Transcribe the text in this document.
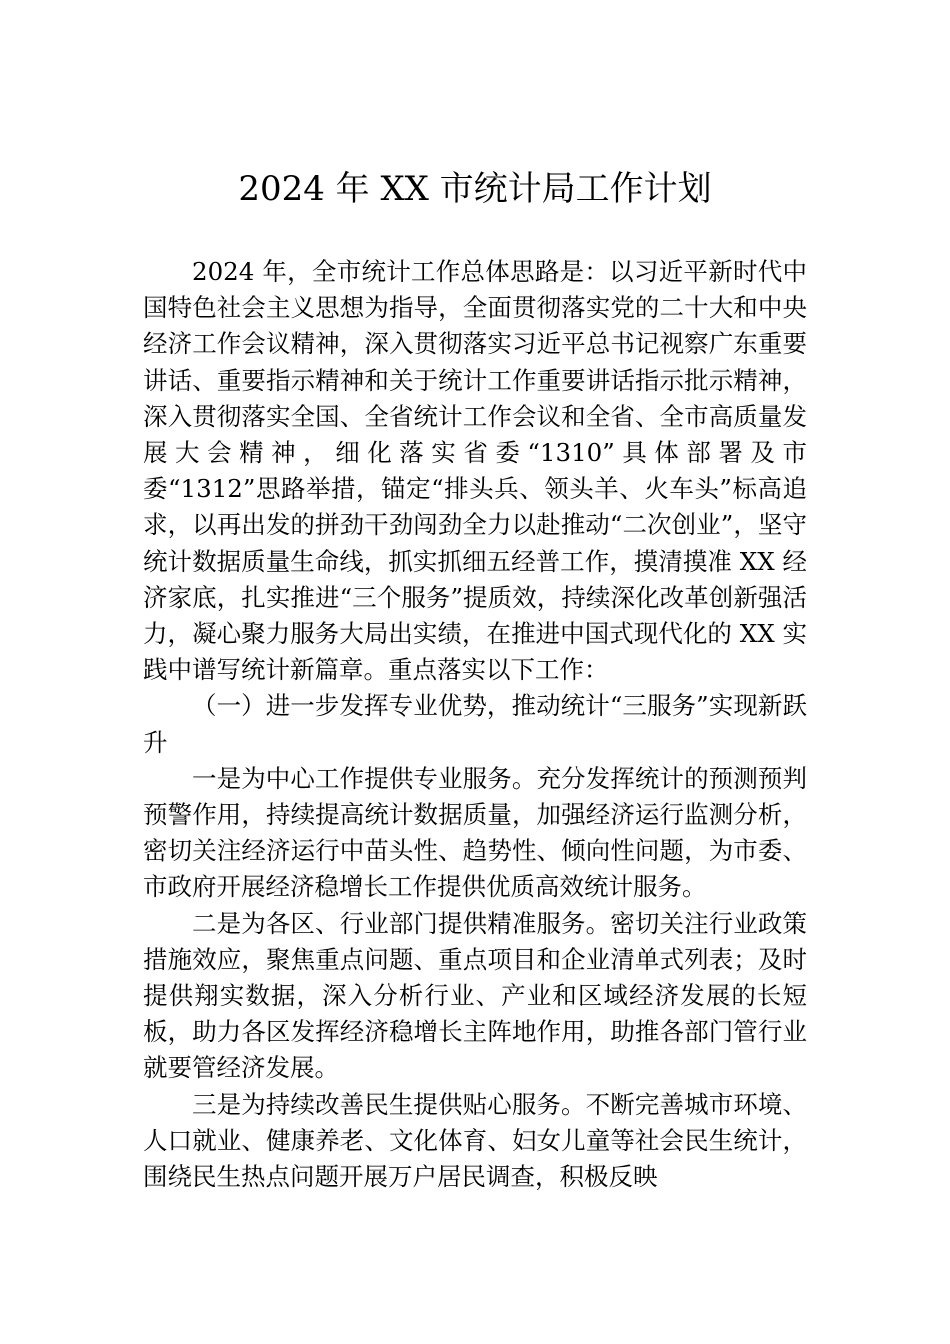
2024 年 XX 市统计局工作计划

2024 年，全市统计工作总体思路是：以习近平新时代中国特色社会主义思想为指导，全面贯彻落实党的二十大和中央经济工作会议精神，深入贯彻落实习近平总书记视察广东重要讲话、重要指示精神和关于统计工作重要讲话指示批示精神，深入贯彻落实全国、全省统计工作会议和全省、全市高质量发展大会精神，细化落实省委“1310”具体部署及市委“1312”思路举措，锚定“排头兵、领头羊、火车头”标高追求，以再出发的拼劲干劲闯劲全力以赴推动“二次创业”，坚守统计数据质量生命线，抓实抓细五经普工作，摸清摸准 XX 经济家底，扎实推进“三个服务”提质效，持续深化改革创新强活力，凝心聚力服务大局出实绩，在推进中国式现代化的 XX 实践中谱写统计新篇章。重点落实以下工作：

（一）进一步发挥专业优势，推动统计“三服务”实现新跃升

一是为中心工作提供专业服务。充分发挥统计的预测预判预警作用，持续提高统计数据质量，加强经济运行监测分析，密切关注经济运行中苗头性、趋势性、倾向性问题，为市委、市政府开展经济稳增长工作提供优质高效统计服务。

二是为各区、行业部门提供精准服务。密切关注行业政策措施效应，聚焦重点问题、重点项目和企业清单式列表；及时提供翔实数据，深入分析行业、产业和区域经济发展的长短板，助力各区发挥经济稳增长主阵地作用，助推各部门管行业就要管经济发展。

三是为持续改善民生提供贴心服务。不断完善城市环境、人口就业、健康养老、文化体育、妇女儿童等社会民生统计，围绕民生热点问题开展万户居民调查，积极反映
